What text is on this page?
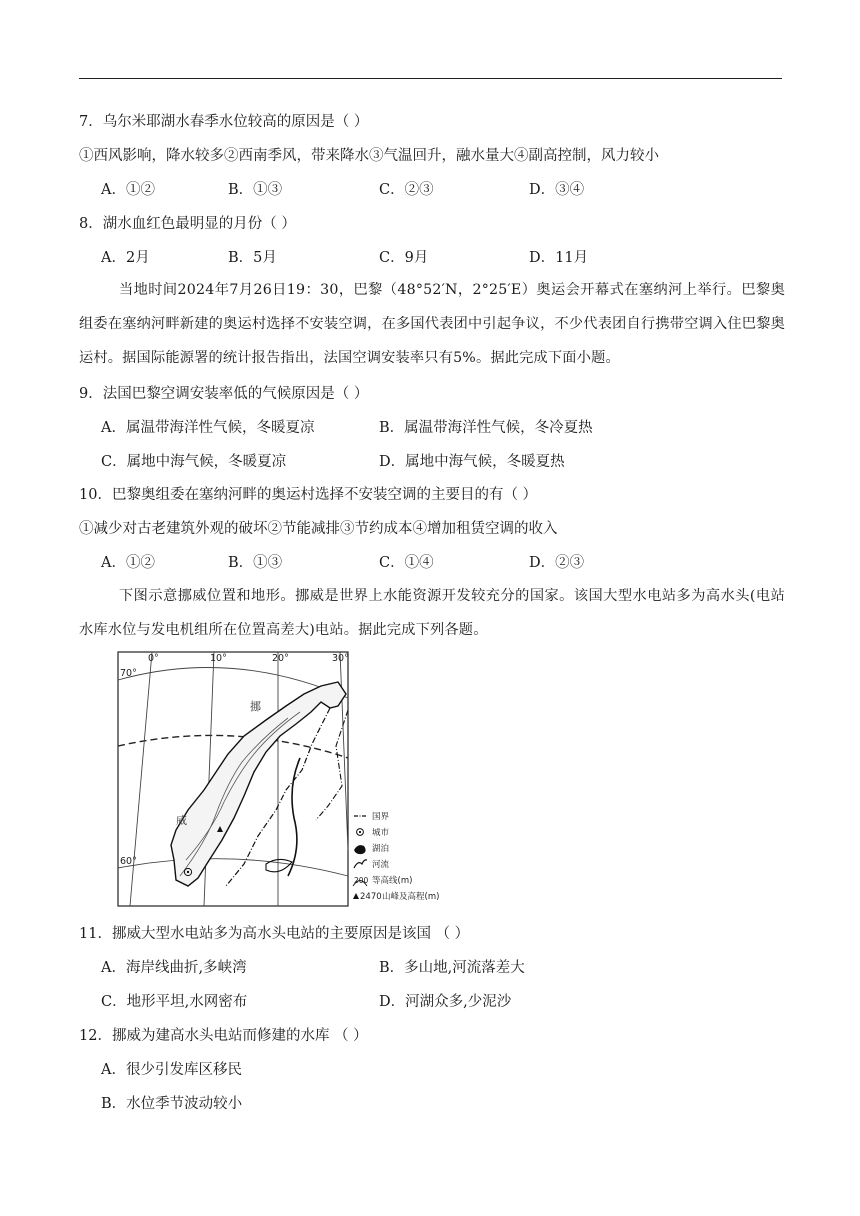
7．乌尔米耶湖水春季水位较高的原因是（ ）
①西风影响，降水较多②西南季风，带来降水③气温回升，融水量大④副高控制，风力较小
A．①②	B．①③	C．②③	D．③④
8．湖水血红色最明显的月份（ ）
A．2月	B．5月	C．9月	D．11月
当地时间2024年7月26日19：30，巴黎（48°52′N，2°25′E）奥运会开幕式在塞纳河上举行。巴黎奥组委在塞纳河畔新建的奥运村选择不安装空调，在多国代表团中引起争议，不少代表团自行携带空调入住巴黎奥运村。据国际能源署的统计报告指出，法国空调安装率只有5%。据此完成下面小题。
9．法国巴黎空调安装率低的气候原因是（ ）
A．属温带海洋性气候，冬暖夏凉	B．属温带海洋性气候，冬冷夏热
C．属地中海气候，冬暖夏凉	D．属地中海气候，冬暖夏热
10．巴黎奥组委在塞纳河畔的奥运村选择不安装空调的主要目的有（ ）
①减少对古老建筑外观的破坏②节能减排③节约成本④增加租赁空调的收入
A．①②	B．①③	C．①④	D．②③
下图示意挪威位置和地形。挪威是世界上水能资源开发较充分的国家。该国大型水电站多为高水头(电站水库水位与发电机组所在位置高差大)电站。据此完成下列各题。
0°	10°	20°	30°
70°
60°
挪
威	国界
城市
湖泊
河流
200 等高线(m)
2470 山峰及高程(m)
11．挪威大型水电站多为高水头电站的主要原因是该国 （ ）
A．海岸线曲折,多峡湾	B．多山地,河流落差大
C．地形平坦,水网密布	D．河湖众多,少泥沙
12．挪威为建高水头电站而修建的水库 （ ）
A．很少引发库区移民
B．水位季节波动较小
